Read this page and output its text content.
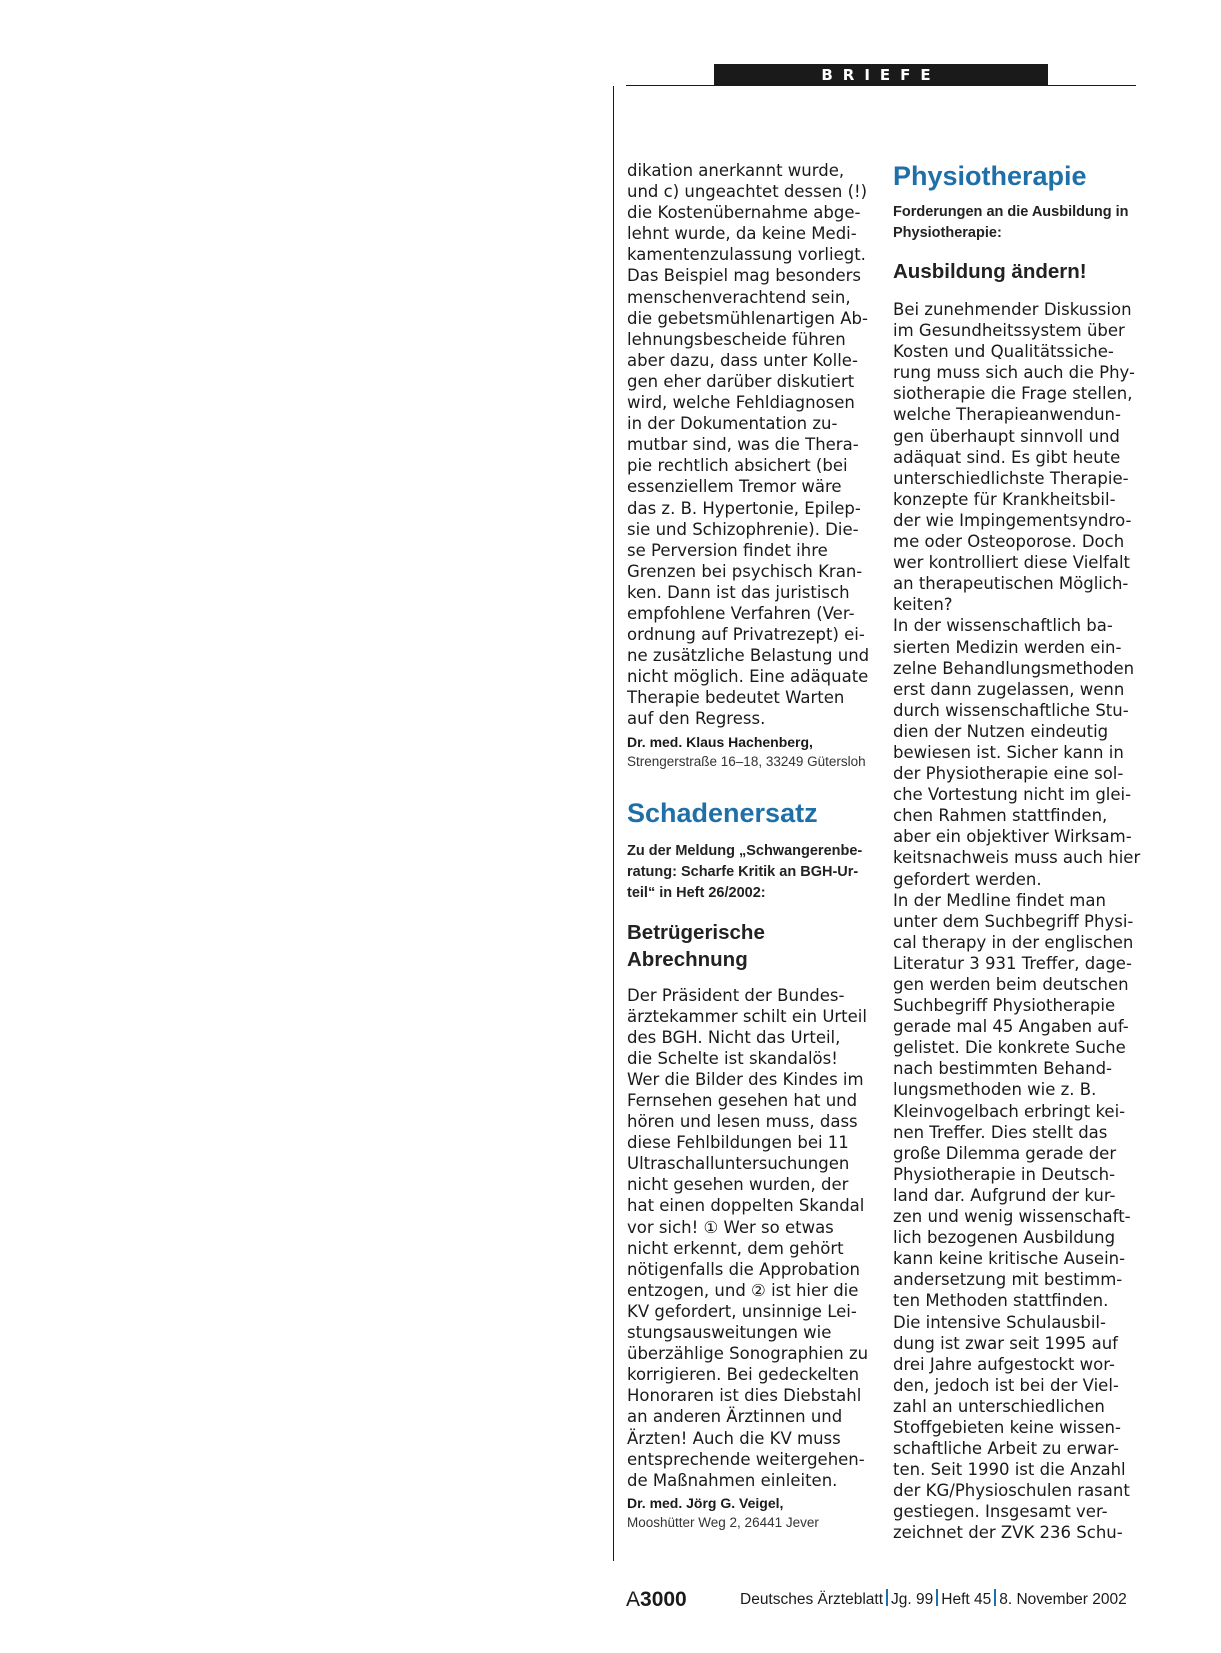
BRIEFE
dikation anerkannt wurde,
und c) ungeachtet dessen (!)
die Kostenübernahme abge-
lehnt wurde, da keine Medi-
kamentenzulassung vorliegt.
Das Beispiel mag besonders
menschenverachtend sein,
die gebetsmühlenartigen Ab-
lehnungsbescheide führen
aber dazu, dass unter Kolle-
gen eher darüber diskutiert
wird, welche Fehldiagnosen
in der Dokumentation zu-
mutbar sind, was die Thera-
pie rechtlich absichert (bei
essenziellem Tremor wäre
das z. B. Hypertonie, Epilep-
sie und Schizophrenie). Die-
se Perversion findet ihre
Grenzen bei psychisch Kran-
ken. Dann ist das juristisch
empfohlene Verfahren (Ver-
ordnung auf Privatrezept) ei-
ne zusätzliche Belastung und
nicht möglich. Eine adäquate
Therapie bedeutet Warten
auf den Regress.
Dr. med. Klaus Hachenberg,
Strengerstraße 16–18, 33249 Gütersloh
Schadenersatz
Zu der Meldung „Schwangerenbe-
ratung: Scharfe Kritik an BGH-Ur-
teil“ in Heft 26/2002:
Betrügerische
Abrechnung
Der Präsident der Bundes-
ärztekammer schilt ein Urteil
des BGH. Nicht das Urteil,
die Schelte ist skandalös!
Wer die Bilder des Kindes im
Fernsehen gesehen hat und
hören und lesen muss, dass
diese Fehlbildungen bei 11
Ultraschalluntersuchungen
nicht gesehen wurden, der
hat einen doppelten Skandal
vor sich! ① Wer so etwas
nicht erkennt, dem gehört
nötigenfalls die Approbation
entzogen, und ② ist hier die
KV gefordert, unsinnige Lei-
stungsausweitungen wie
überzählige Sonographien zu
korrigieren. Bei gedeckelten
Honoraren ist dies Diebstahl
an anderen Ärztinnen und
Ärzten! Auch die KV muss
entsprechende weitergehen-
de Maßnahmen einleiten.
Dr. med. Jörg G. Veigel,
Mooshütter Weg 2, 26441 Jever
Physiotherapie
Forderungen an die Ausbildung in
Physiotherapie:
Ausbildung ändern!
Bei zunehmender Diskussion
im Gesundheitssystem über
Kosten und Qualitätssiche-
rung muss sich auch die Phy-
siotherapie die Frage stellen,
welche Therapieanwendun-
gen überhaupt sinnvoll und
adäquat sind. Es gibt heute
unterschiedlichste Therapie-
konzepte für Krankheitsbil-
der wie Impingementsyndro-
me oder Osteoporose. Doch
wer kontrolliert diese Vielfalt
an therapeutischen Möglich-
keiten?
In der wissenschaftlich ba-
sierten Medizin werden ein-
zelne Behandlungsmethoden
erst dann zugelassen, wenn
durch wissenschaftliche Stu-
dien der Nutzen eindeutig
bewiesen ist. Sicher kann in
der Physiotherapie eine sol-
che Vortestung nicht im glei-
chen Rahmen stattfinden,
aber ein objektiver Wirksam-
keitsnachweis muss auch hier
gefordert werden.
In der Medline findet man
unter dem Suchbegriff Physi-
cal therapy in der englischen
Literatur 3 931 Treffer, dage-
gen werden beim deutschen
Suchbegriff Physiotherapie
gerade mal 45 Angaben auf-
gelistet. Die konkrete Suche
nach bestimmten Behand-
lungsmethoden wie z. B.
Kleinvogelbach erbringt kei-
nen Treffer. Dies stellt das
große Dilemma gerade der
Physiotherapie in Deutsch-
land dar. Aufgrund der kur-
zen und wenig wissenschaft-
lich bezogenen Ausbildung
kann keine kritische Ausein-
andersetzung mit bestimm-
ten Methoden stattfinden.
Die intensive Schulausbil-
dung ist zwar seit 1995 auf
drei Jahre aufgestockt wor-
den, jedoch ist bei der Viel-
zahl an unterschiedlichen
Stoffgebieten keine wissen-
schaftliche Arbeit zu erwar-
ten. Seit 1990 ist die Anzahl
der KG/Physioschulen rasant
gestiegen. Insgesamt ver-
zeichnet der ZVK 236 Schu-
A3000	Deutsches Ärzteblatt Jg. 99 Heft 45 8. November 2002
